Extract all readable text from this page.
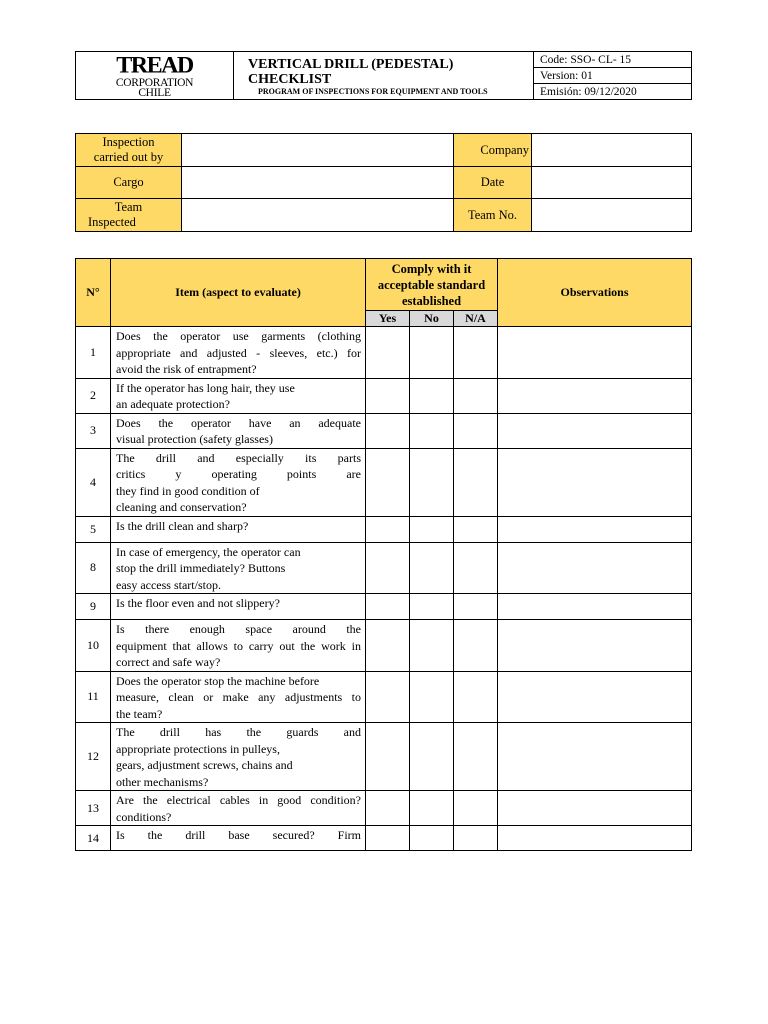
TREAD
CORPORATION
CHILE

VERTICAL DRILL (PEDESTAL) CHECKLIST
PROGRAM OF INSPECTIONS FOR EQUIPMENT AND TOOLS
	Code: SSO- CL- 15
Version: 01
Emisión: 09/12/2020
Inspection
carried out by		Company	
Cargo		Date	

Team
Inspected		Team No.	
N°	Item (aspect to evaluate)	Comply with it
acceptable standard
established			Observations
		Yes	No	N/A	
1	Does the operator use garments (clothing
appropriate and adjusted - sleeves, etc.) for
avoid the risk of entrapment?				

2	If the operator has long hair, they use
an adequate protection?				

3	Does the operator have an adequate
visual protection (safety glasses)				

4	The drill and especially its parts
critics y operating points are
they find in good condition of
cleaning and conservation?				

5	Is the drill clean and sharp?				

8	In case of emergency, the operator can
stop the drill immediately? Buttons
easy access start/stop.				

9	Is the floor even and not slippery?				

10	Is there enough space around the
equipment that allows to carry out the work in
correct and safe way?				

11	Does the operator stop the machine before
measure, clean or make any adjustments to
the team?				

12	The drill has the guards and
appropriate protections in pulleys,
gears, adjustment screws, chains and
other mechanisms?				

13	Are the electrical cables in good condition?
conditions?				

14	Is the drill base secured? Firm				
